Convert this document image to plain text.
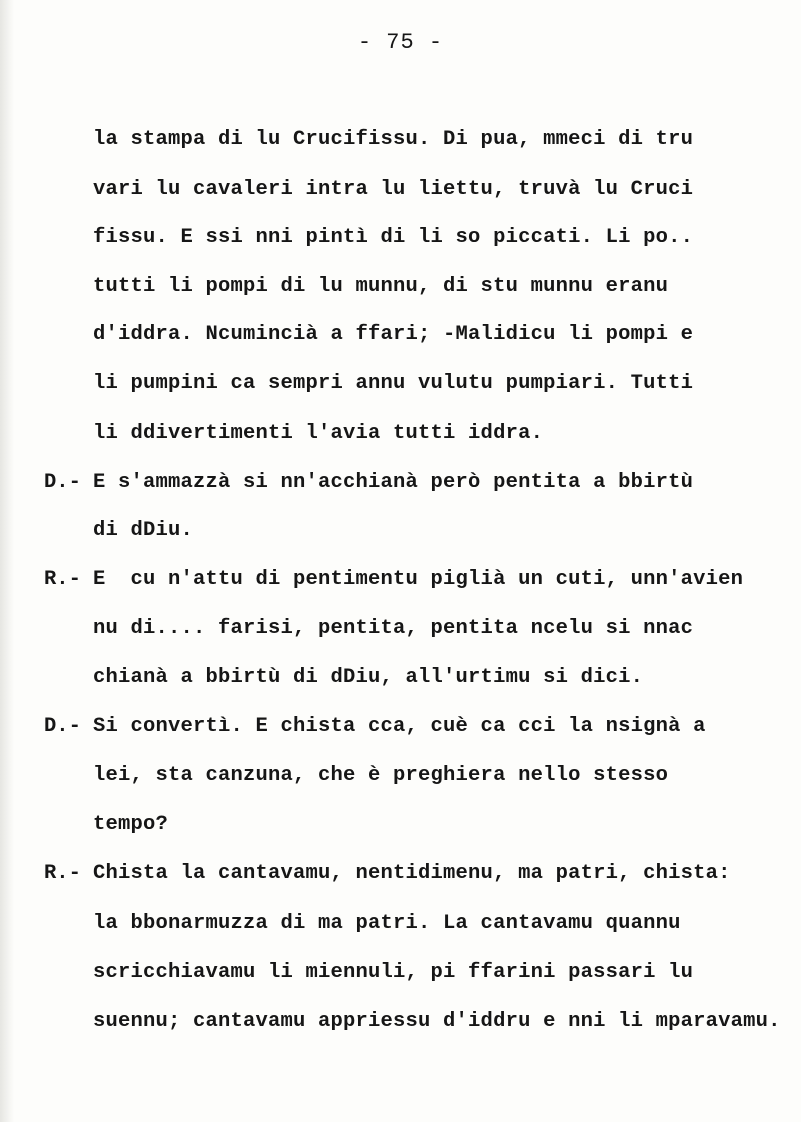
- 75 -
la stampa di lu Crucifissu. Di pua, mmeci di tru
vari lu cavaleri intra lu liettu, truvà lu Cruci
fissu. E ssi nni pintì di li so piccati. Li po..
tutti li pompi di lu munnu, di stu munnu eranu
d'iddra. Ncumincià a ffari; -Malidicu li pompi e
li pumpini ca sempri annu vulutu pumpiari. Tutti
li ddivertimenti l'avia tutti iddra.
D.- E s'ammazzà si nn'acchianà però pentita a bbirtù
di dDiu.
R.- E  cu n'attu di pentimentu piglià un cuti, unn'avien
nu di.... farisi, pentita, pentita ncelu si nnac
chianà a bbirtù di dDiu, all'urtimu si dici.
D.- Si convertì. E chista cca, cuè ca cci la nsignà a
lei, sta canzuna, che è preghiera nello stesso
tempo?
R.- Chista la cantavamu, nentidimenu, ma patri, chista:
la bbonarmuzza di ma patri. La cantavamu quannu
scricchiavamu li miennuli, pi ffarini passari lu
suennu; cantavamu appriessu d'iddru e nni li mparavamu.
